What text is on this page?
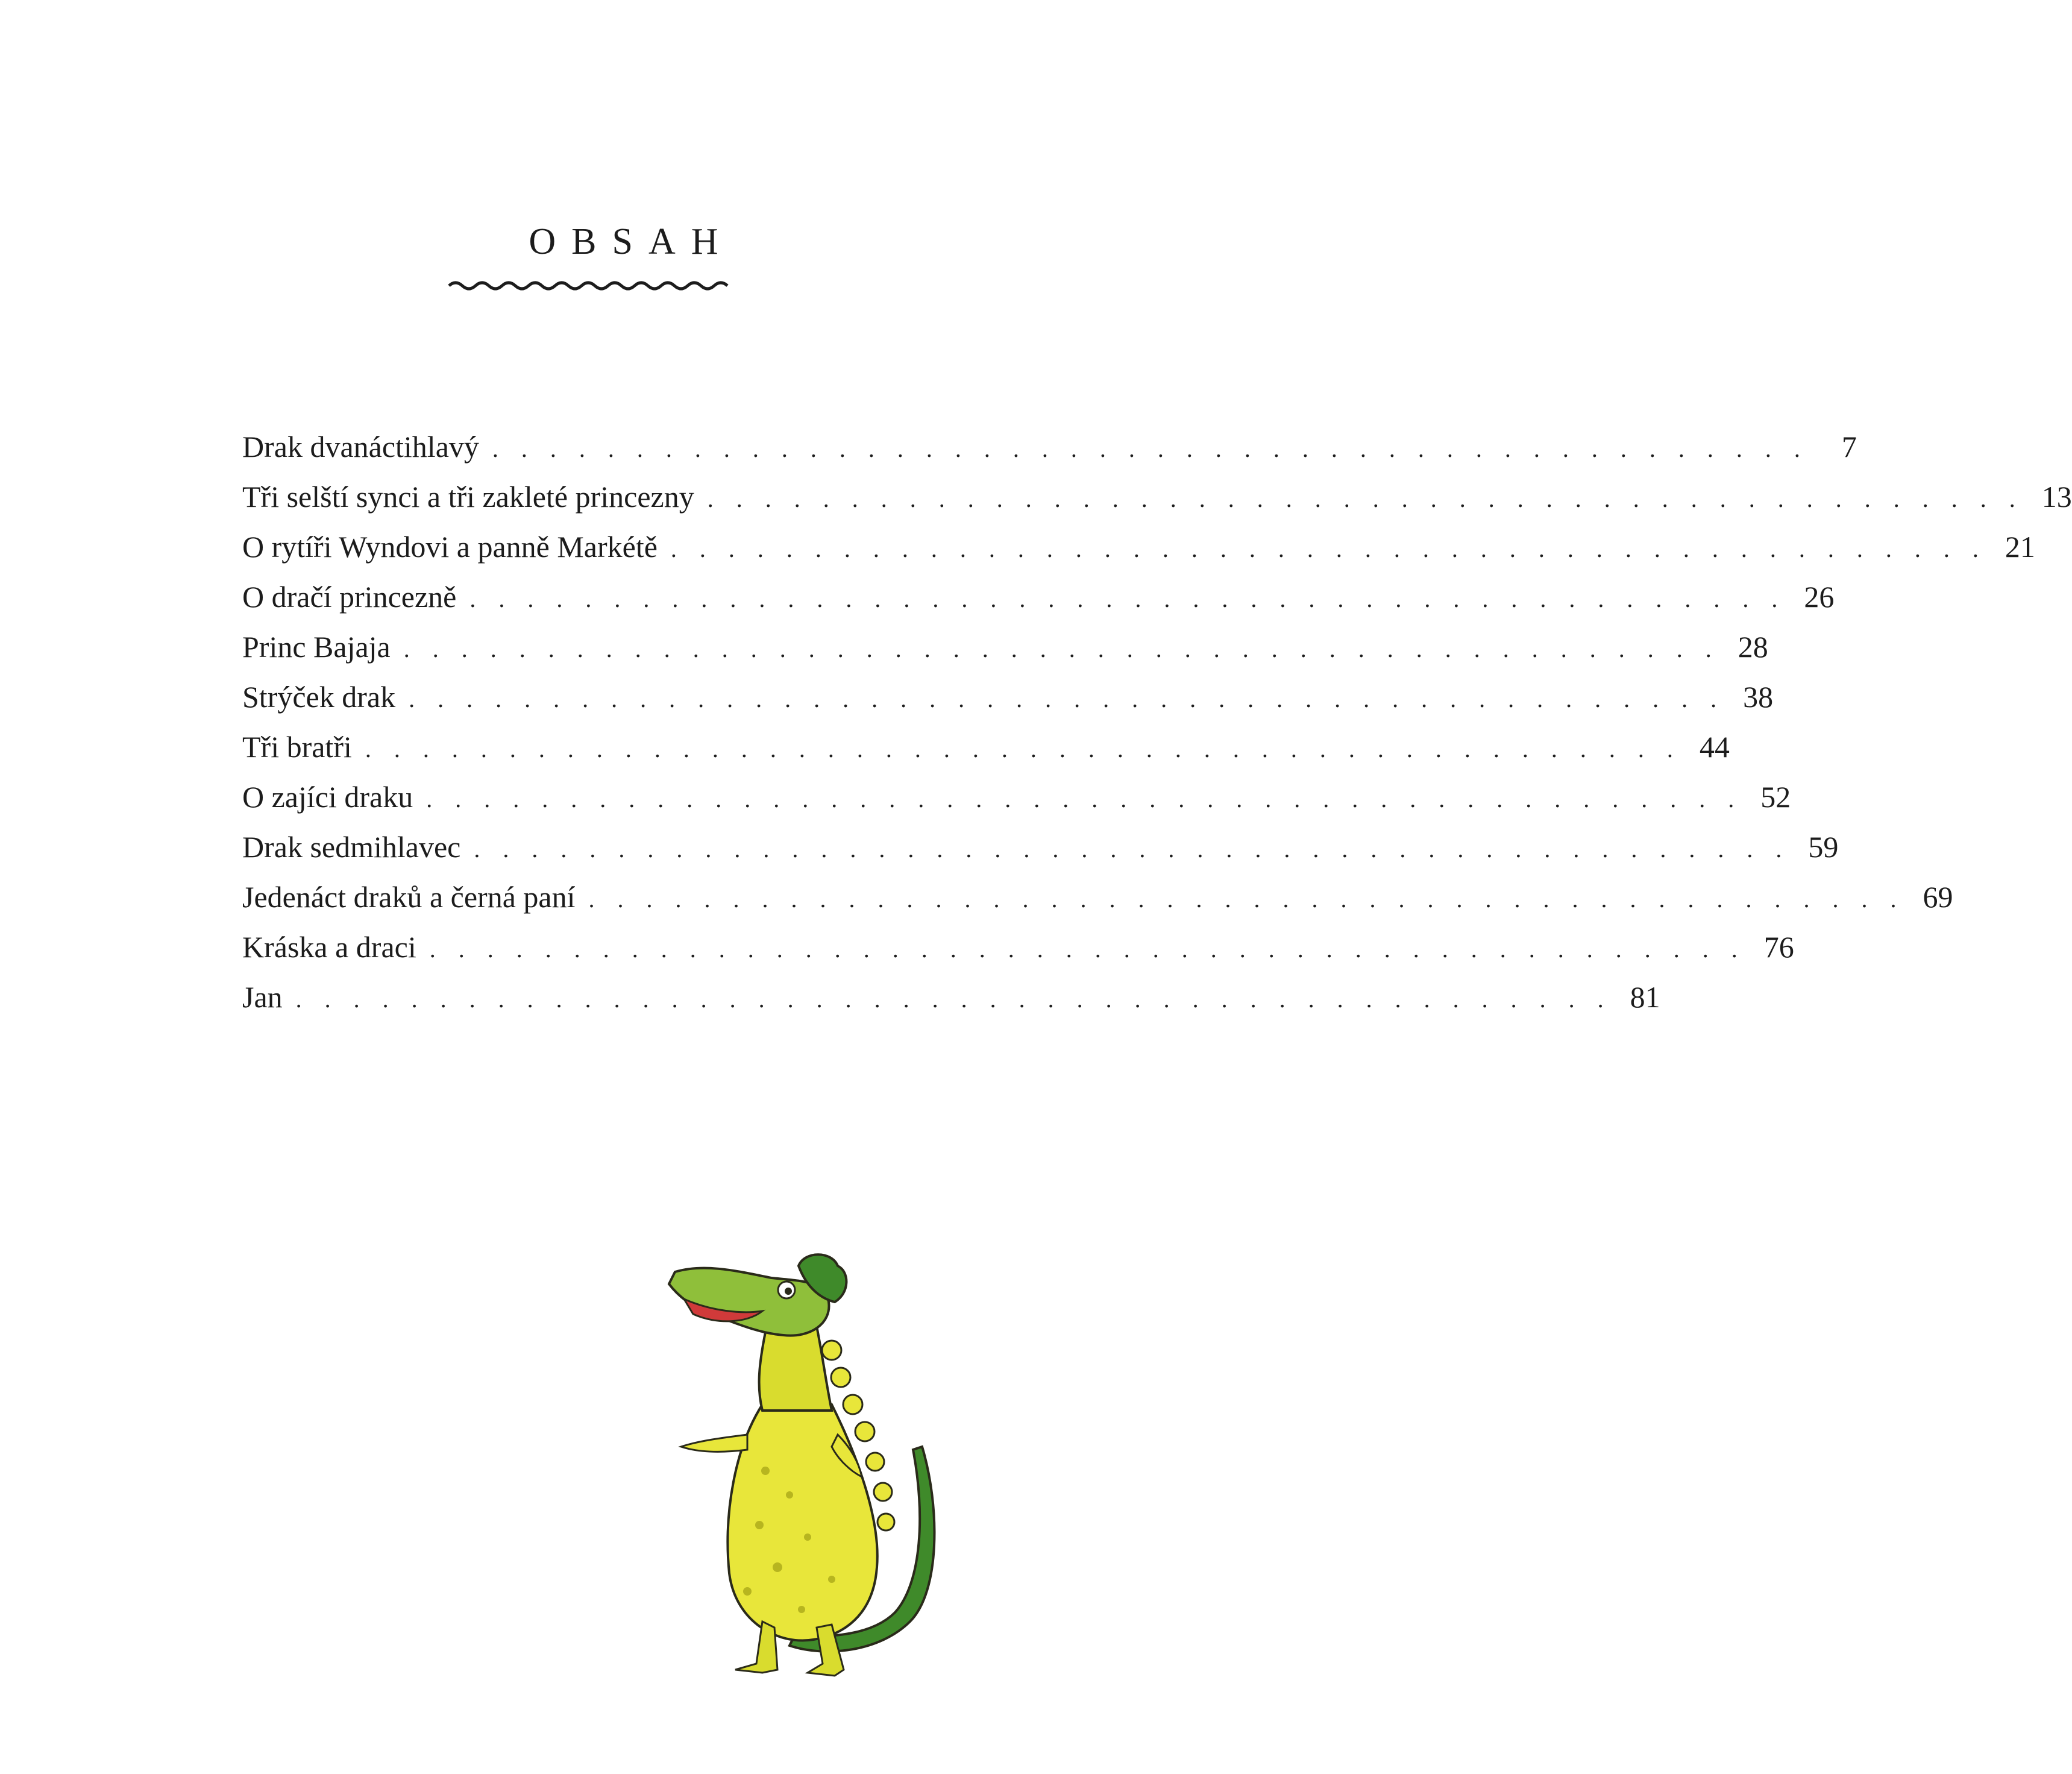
OBSAH
Drak dvanáctihlavý . . . . . . . . . . . . . . . . . . . . . . . . . . . . . . . . . . . . . . . . . . . . . .	7
Tři selští synci a tři zakleté princezny . . . . . . . . . . . . . . . . . . . . . . . . . . . . . . . . . . . . . . . . . . . . . . 13
O rytíři Wyndovi a panně Markétě . . . . . . . . . . . . . . . . . . . . . . . . . . . . . . . . . . . . . . . . . . . . . . 21
O dračí princezně . . . . . . . . . . . . . . . . . . . . . . . . . . . . . . . . . . . . . . . . . . . . . . 26
Princ Bajaja . . . . . . . . . . . . . . . . . . . . . . . . . . . . . . . . . . . . . . . . . . . . . . 28
Strýček drak . . . . . . . . . . . . . . . . . . . . . . . . . . . . . . . . . . . . . . . . . . . . . . 38
Tři bratři . . . . . . . . . . . . . . . . . . . . . . . . . . . . . . . . . . . . . . . . . . . . . . 44
O zajíci draku . . . . . . . . . . . . . . . . . . . . . . . . . . . . . . . . . . . . . . . . . . . . . . 52
Drak sedmihlavec . . . . . . . . . . . . . . . . . . . . . . . . . . . . . . . . . . . . . . . . . . . . . . 59
Jedenáct draků a černá paní . . . . . . . . . . . . . . . . . . . . . . . . . . . . . . . . . . . . . . . . . . . . . . 69
Kráska a draci . . . . . . . . . . . . . . . . . . . . . . . . . . . . . . . . . . . . . . . . . . . . . . 76
Jan . . . . . . . . . . . . . . . . . . . . . . . . . . . . . . . . . . . . . . . . . . . . . . 81
